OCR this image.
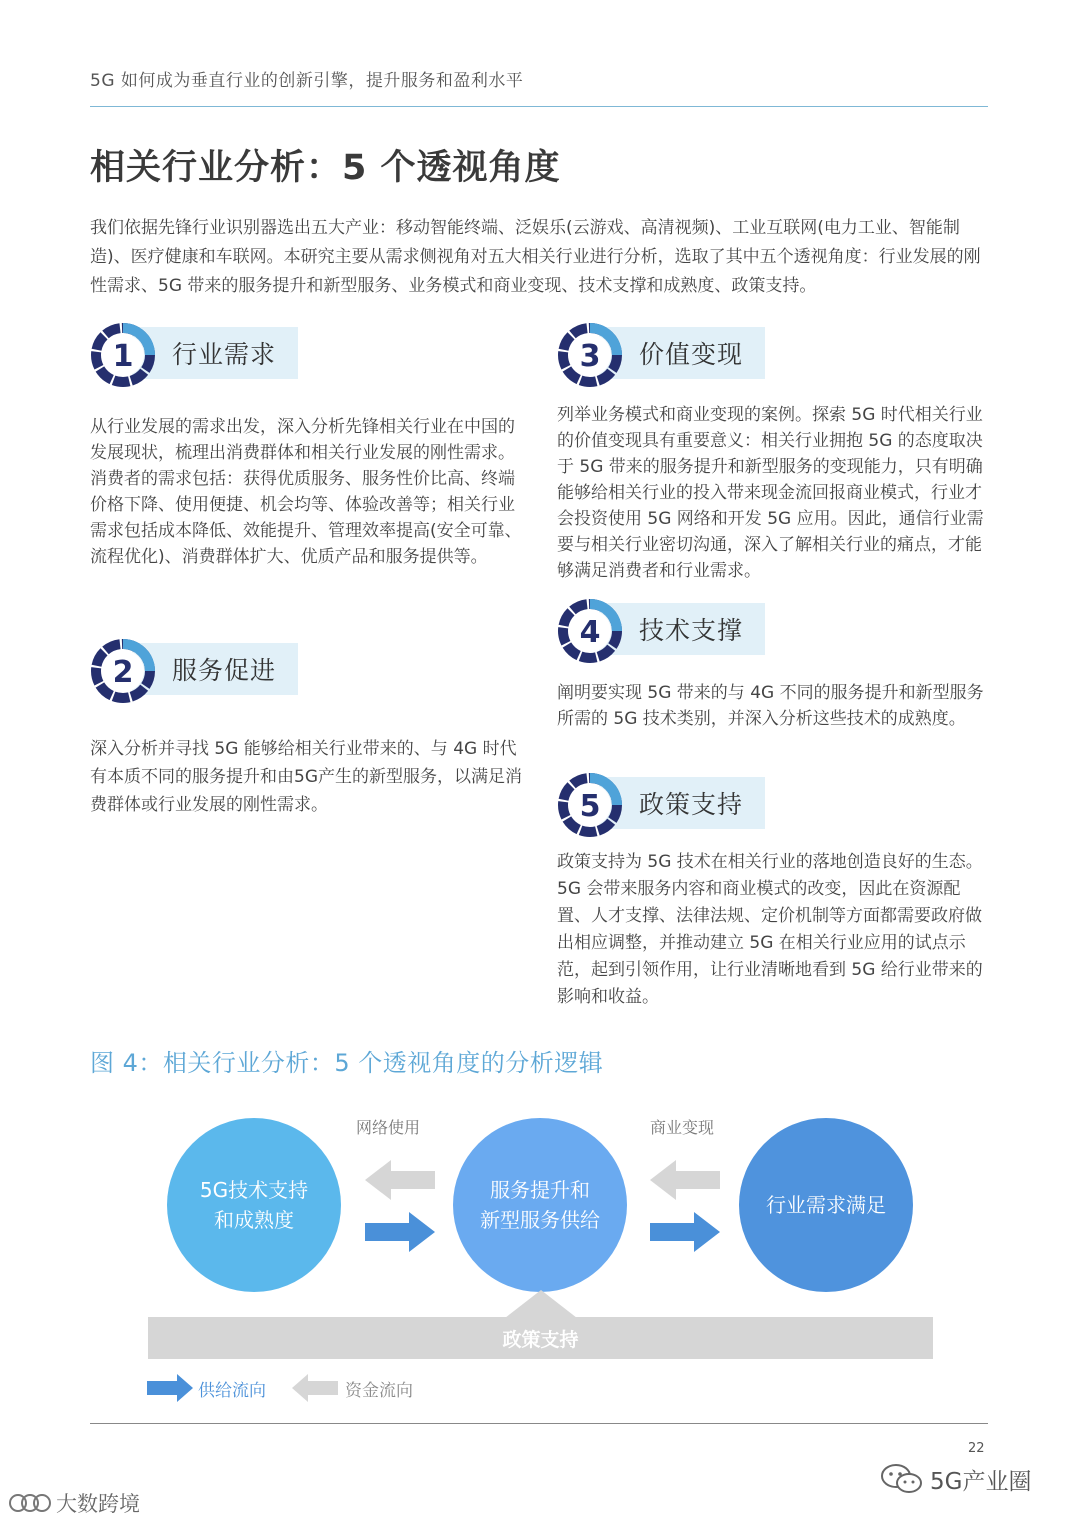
5G 如何成为垂直行业的创新引擎，提升服务和盈利水平
相关行业分析：5 个透视角度
我们依据先锋行业识别器选出五大产业：移动智能终端、泛娱乐(云游戏、高清视频)、工业互联网(电力工业、智能制造)、医疗健康和车联网。本研究主要从需求侧视角对五大相关行业进行分析，选取了其中五个透视角度：行业发展的刚性需求、5G 带来的服务提升和新型服务、业务模式和商业变现、技术支撑和成熟度、政策支持。
1 行业需求
从行业发展的需求出发，深入分析先锋相关行业在中国的发展现状，梳理出消费群体和相关行业发展的刚性需求。消费者的需求包括：获得优质服务、服务性价比高、终端价格下降、使用便捷、机会均等、体验改善等；相关行业需求包括成本降低、效能提升、管理效率提高(安全可靠、流程优化)、消费群体扩大、优质产品和服务提供等。
2 服务促进
深入分析并寻找 5G 能够给相关行业带来的、与 4G 时代有本质不同的服务提升和由5G产生的新型服务，以满足消费群体或行业发展的刚性需求。
3 价值变现
列举业务模式和商业变现的案例。探索 5G 时代相关行业的价值变现具有重要意义：相关行业拥抱 5G 的态度取决于 5G 带来的服务提升和新型服务的变现能力，只有明确能够给相关行业的投入带来现金流回报商业模式，行业才会投资使用 5G 网络和开发 5G 应用。因此，通信行业需要与相关行业密切沟通，深入了解相关行业的痛点，才能够满足消费者和行业需求。
4 技术支撑
阐明要实现 5G 带来的与 4G 不同的服务提升和新型服务所需的 5G 技术类别，并深入分析这些技术的成熟度。
5 政策支持
政策支持为 5G 技术在相关行业的落地创造良好的生态。5G 会带来服务内容和商业模式的改变，因此在资源配置、人才支撑、法律法规、定价机制等方面都需要政府做出相应调整，并推动建立 5G 在相关行业应用的试点示范，起到引领作用，让行业清晰地看到 5G 给行业带来的影响和收益。
图 4：相关行业分析：5 个透视角度的分析逻辑
5G技术支持
和成熟度
服务提升和
新型服务供给
行业需求满足
网络使用	商业变现
政策支持
供给流向	资金流向
22
5G产业圈
大数跨境
